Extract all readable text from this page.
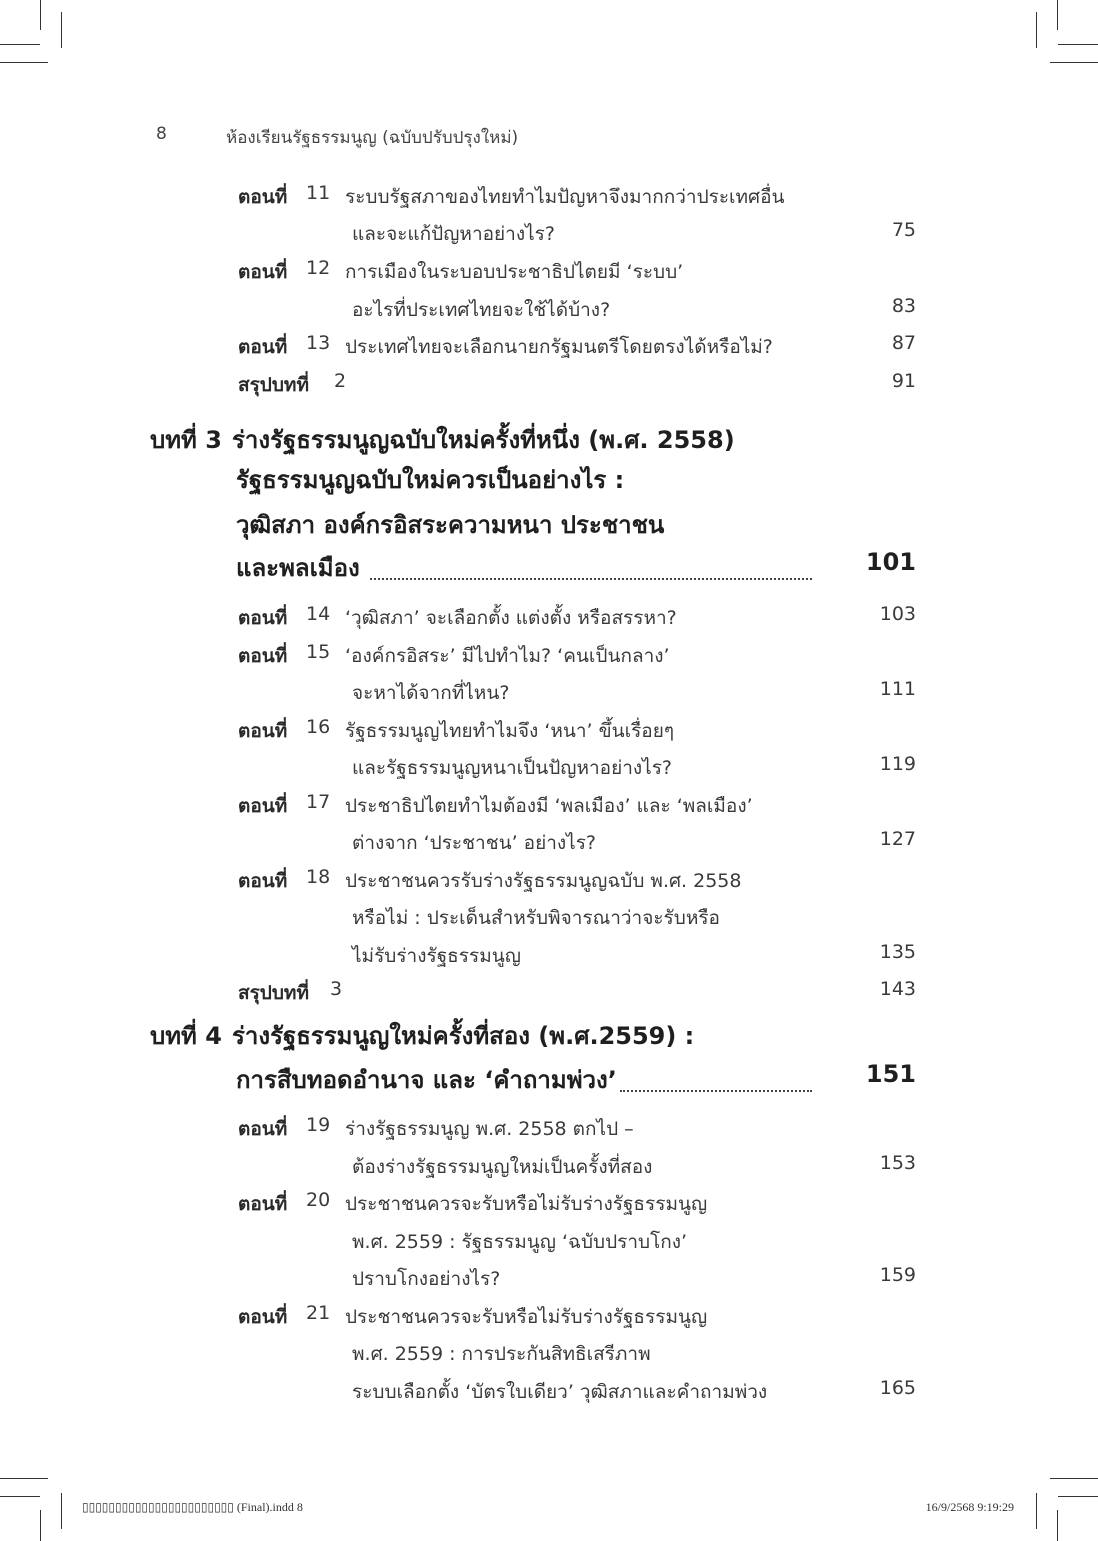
8	ห้องเรียนรัฐธรรมนูญ (ฉบับปรับปรุงใหม่)
ตอนที่ 11 ระบบรัฐสภาของไทยทำไมปัญหาจึงมากกว่าประเทศอื่น
และจะแก้ปัญหาอย่างไร?	75
ตอนที่ 12 การเมืองในระบอบประชาธิปไตยมี ‘ระบบ’
อะไรที่ประเทศไทยจะใช้ได้บ้าง?	83
ตอนที่ 13 ประเทศไทยจะเลือกนายกรัฐมนตรีโดยตรงได้หรือไม่?	87
สรุปบทที่ 2	91
บทที่ 3 ร่างรัฐธรรมนูญฉบับใหม่ครั้งที่หนึ่ง (พ.ศ. 2558)
รัฐธรรมนูญฉบับใหม่ควรเป็นอย่างไร :
วุฒิสภา องค์กรอิสระความหนา ประชาชน
และพลเมือง	101
ตอนที่ 14 ‘วุฒิสภา’ จะเลือกตั้ง แต่งตั้ง หรือสรรหา?	103
ตอนที่ 15 ‘องค์กรอิสระ’ มีไปทำไม? ‘คนเป็นกลาง’
จะหาได้จากที่ไหน?	111
ตอนที่ 16 รัฐธรรมนูญไทยทำไมจึง ‘หนา’ ขึ้นเรื่อยๆ
และรัฐธรรมนูญหนาเป็นปัญหาอย่างไร?	119
ตอนที่ 17 ประชาธิปไตยทำไมต้องมี ‘พลเมือง’ และ ‘พลเมือง’
ต่างจาก ‘ประชาชน’ อย่างไร?	127
ตอนที่ 18 ประชาชนควรรับร่างรัฐธรรมนูญฉบับ พ.ศ. 2558
หรือไม่ : ประเด็นสำหรับพิจารณาว่าจะรับหรือ
ไม่รับร่างรัฐธรรมนูญ	135
สรุปบทที่ 3	143
บทที่ 4 ร่างรัฐธรรมนูญใหม่ครั้งที่สอง (พ.ศ.2559) :
การสืบทอดอำนาจ และ ‘คำถามพ่วง’	151
ตอนที่ 19 ร่างรัฐธรรมนูญ พ.ศ. 2558 ตกไป –
ต้องร่างรัฐธรรมนูญใหม่เป็นครั้งที่สอง	153
ตอนที่ 20 ประชาชนควรจะรับหรือไม่รับร่างรัฐธรรมนูญ
พ.ศ. 2559 : รัฐธรรมนูญ ‘ฉบับปราบโกง’
ปราบโกงอย่างไร?	159
ตอนที่ 21 ประชาชนควรจะรับหรือไม่รับร่างรัฐธรรมนูญ
พ.ศ. 2559 : การประกันสิทธิเสรีภาพ
ระบบเลือกตั้ง ‘บัตรใบเดียว’ วุฒิสภาและคำถามพ่วง	165
▯▯▯▯▯▯▯▯▯▯▯▯▯▯▯▯▯▯▯▯▯▯▯ (Final).indd 8	16/9/2568 9:19:29
